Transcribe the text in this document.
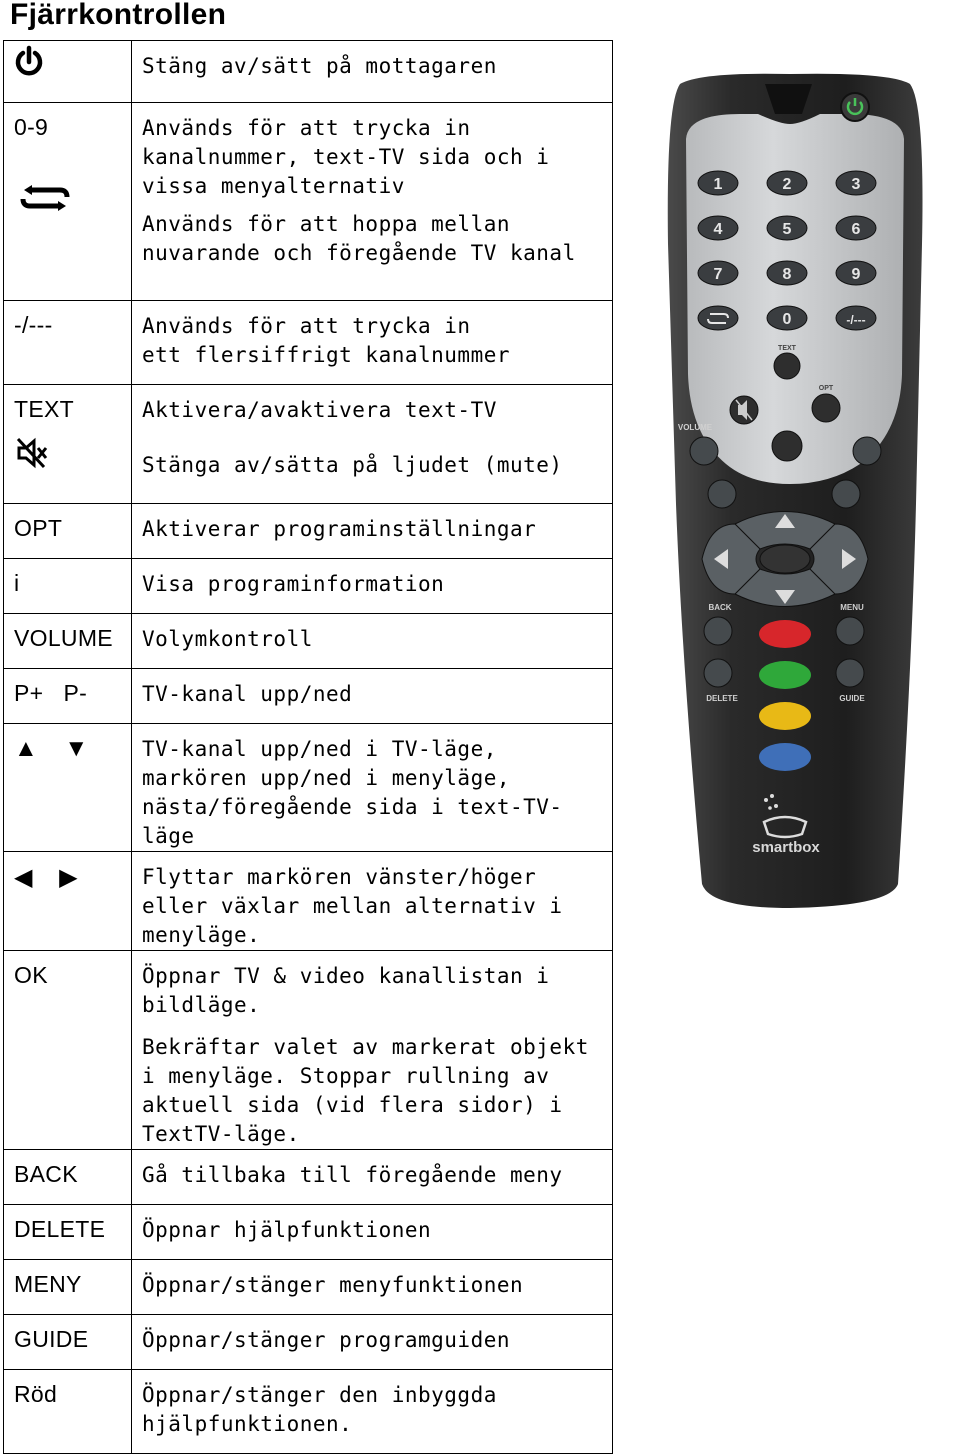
Fjärrkontrollen
	Stäng av/sätt på mottagaren

0-9	Används för att trycka in kanalnummer, text-TV sida och i vissa menyalternativ
Används för att hoppa mellan nuvarande och föregående TV kanal

-/---	Används för att trycka in ett flersiffrigt kanalnummer

TEXT	Aktivera/avaktivera text-TV
Stänga av/sätta på ljudet (mute)

OPT	Aktiverar programinställningar

i	Visa programinformation

VOLUME	Volymkontroll

P+   P-	TV-kanal upp/ned

▲ ▼	TV-kanal upp/ned i TV-läge, markören upp/ned i menyläge, nästa/föregående sida i text-TV-läge

◀ ▶	Flyttar markören vänster/höger eller växlar mellan alternativ i menyläge.

OK	Öppnar TV & video kanallistan i bildläge.
Bekräftar valet av markerat objekt i menyläge. Stoppar rullning av aktuell sida (vid flera sidor) i TextTV-läge.

BACK	Gå tillbaka till föregående meny

DELETE	Öppnar hjälpfunktionen

MENY	Öppnar/stänger menyfunktionen

GUIDE	Öppnar/stänger programguiden

Röd	Öppnar/stänger den inbyggda hjälpfunktionen.
1	2	3
4	5	6
7	8	9
0	-/---
TEXT
OPT
VOLUME
BACK	MENU
DELETE	GUIDE
smartbox
